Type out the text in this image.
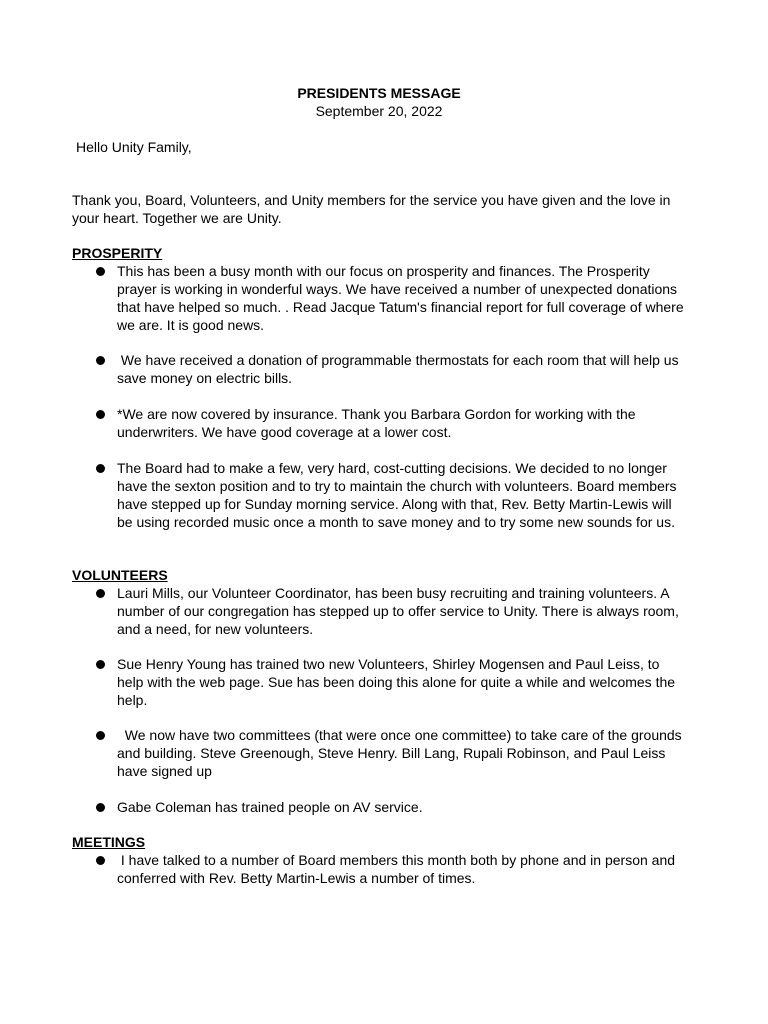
PRESIDENTS MESSAGE
September 20, 2022
Hello Unity Family,
Thank you, Board, Volunteers, and Unity members for the service you have given and the love in your heart. Together we are Unity.
PROSPERITY
This has been a busy month with our focus on prosperity and finances. The Prosperity prayer is working in wonderful ways. We have received a number of unexpected donations that have helped so much. . Read Jacque Tatum's financial report for full coverage of where we are. It is good news.
We have received a donation of programmable thermostats for each room that will help us save money on electric bills.
*We are now covered by insurance. Thank you Barbara Gordon for working with the underwriters. We have good coverage at a lower cost.
The Board had to make a few, very hard, cost-cutting decisions. We decided to no longer have the sexton position and to try to maintain the church with volunteers. Board members have stepped up for Sunday morning service. Along with that, Rev. Betty Martin-Lewis will be using recorded music once a month to save money and to try some new sounds for us.
VOLUNTEERS
Lauri Mills, our Volunteer Coordinator, has been busy recruiting and training volunteers. A number of our congregation has stepped up to offer service to Unity. There is always room, and a need, for new volunteers.
Sue Henry Young has trained two new Volunteers, Shirley Mogensen and Paul Leiss, to help with the web page. Sue has been doing this alone for quite a while and welcomes the help.
We now have two committees (that were once one committee) to take care of the grounds and building. Steve Greenough, Steve Henry. Bill Lang, Rupali Robinson, and Paul Leiss have signed up
Gabe Coleman has trained people on AV service.
MEETINGS
I have talked to a number of Board members this month both by phone and in person and conferred with Rev. Betty Martin-Lewis a number of times.
